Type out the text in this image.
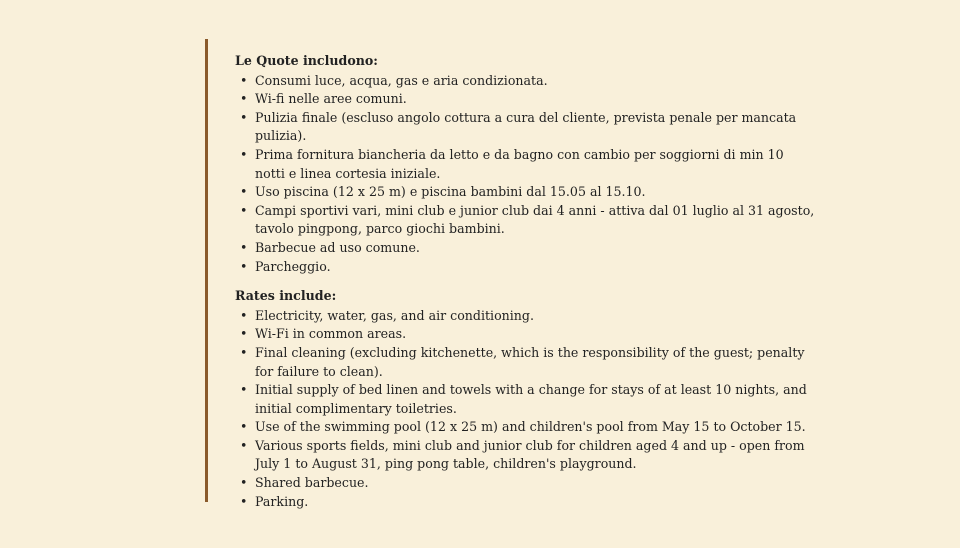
Le Quote includono:
• Consumi luce, acqua, gas e aria condizionata.
• Wi-fi nelle aree comuni.
• Pulizia finale (escluso angolo cottura a cura del cliente, prevista penale per mancata pulizia).
• Prima fornitura biancheria da letto e da bagno con cambio per soggiorni di min 10 notti e linea cortesia iniziale.
• Uso piscina (12 x 25 m) e piscina bambini dal 15.05 al 15.10.
• Campi sportivi vari, mini club e junior club dai 4 anni - attiva dal 01 luglio al 31 agosto, tavolo pingpong, parco giochi bambini.
• Barbecue ad uso comune.
• Parcheggio.
Rates include:
• Electricity, water, gas, and air conditioning.
• Wi-Fi in common areas.
• Final cleaning (excluding kitchenette, which is the responsibility of the guest; penalty for failure to clean).
• Initial supply of bed linen and towels with a change for stays of at least 10 nights, and initial complimentary toiletries.
• Use of the swimming pool (12 x 25 m) and children's pool from May 15 to October 15.
• Various sports fields, mini club and junior club for children aged 4 and up - open from July 1 to August 31, ping pong table, children's playground.
• Shared barbecue.
• Parking.
